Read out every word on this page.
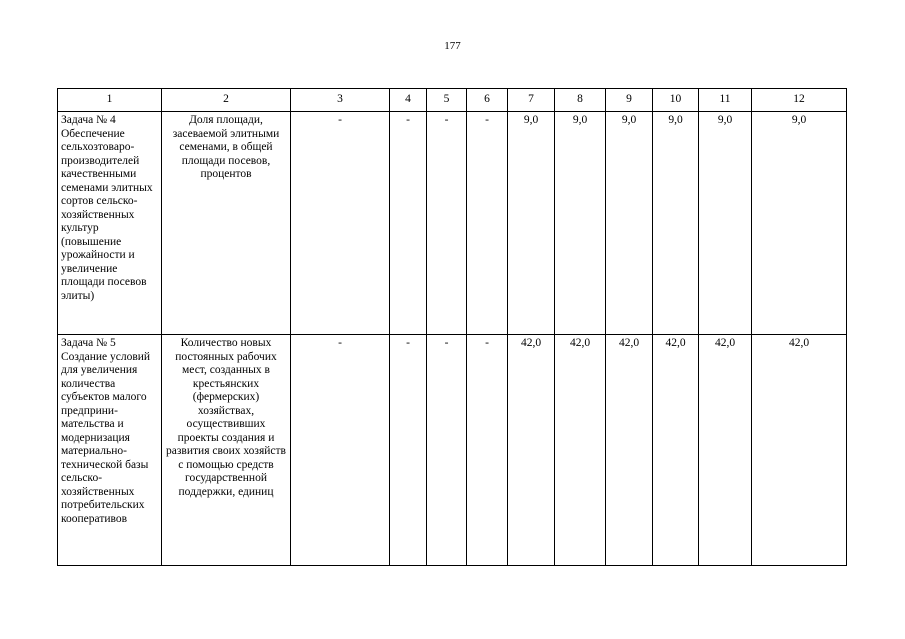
177
1	2	3	4	5	6	7	8	9	10	11	12
Задача № 4 Обеспечение сельхозтоваро-производителей качественными семенами элитных сортов сельско-хозяйственных культур (повышение урожайности и увеличение площади посевов элиты)	Доля площади, засеваемой элитными семенами, в общей площади посевов, процентов	-	-	-	-	9,0	9,0	9,0	9,0	9,0	9,0
Задача № 5 Создание условий для увеличения количества субъектов малого предприни-мательства и модернизация материально-технической базы сельско-хозяйственных потребительских кооперативов	Количество новых постоянных рабочих мест, созданных в крестьянских (фермерских) хозяйствах, осуществивших проекты создания и развития своих хозяйств с помощью средств государственной поддержки, единиц	-	-	-	-	42,0	42,0	42,0	42,0	42,0	42,0
